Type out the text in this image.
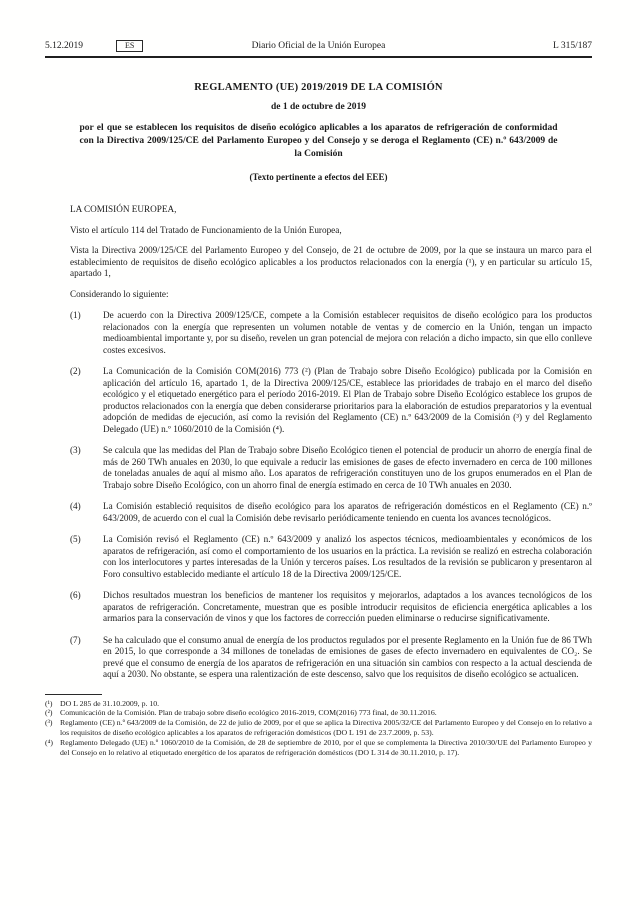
5.12.2019	ES	Diario Oficial de la Unión Europea	L 315/187
REGLAMENTO (UE) 2019/2019 DE LA COMISIÓN
de 1 de octubre de 2019
por el que se establecen los requisitos de diseño ecológico aplicables a los aparatos de refrigeración de conformidad con la Directiva 2009/125/CE del Parlamento Europeo y del Consejo y se deroga el Reglamento (CE) n.º 643/2009 de la Comisión
(Texto pertinente a efectos del EEE)

LA COMISIÓN EUROPEA,

Visto el artículo 114 del Tratado de Funcionamiento de la Unión Europea,

Vista la Directiva 2009/125/CE del Parlamento Europeo y del Consejo, de 21 de octubre de 2009, por la que se instaura un marco para el establecimiento de requisitos de diseño ecológico aplicables a los productos relacionados con la energía (¹), y en particular su artículo 15, apartado 1,

Considerando lo siguiente:

(1)	De acuerdo con la Directiva 2009/125/CE, compete a la Comisión establecer requisitos de diseño ecológico para los productos relacionados con la energía que representen un volumen notable de ventas y de comercio en la Unión, tengan un impacto medioambiental importante y, por su diseño, revelen un gran potencial de mejora con relación a dicho impacto, sin que ello conlleve costes excesivos.
(2)	La Comunicación de la Comisión COM(2016) 773 (²) (Plan de Trabajo sobre Diseño Ecológico) publicada por la Comisión en aplicación del artículo 16, apartado 1, de la Directiva 2009/125/CE, establece las prioridades de trabajo en el marco del diseño ecológico y el etiquetado energético para el período 2016-2019. El Plan de Trabajo sobre Diseño Ecológico establece los grupos de productos relacionados con la energía que deben considerarse prioritarios para la elaboración de estudios preparatorios y la eventual adopción de medidas de ejecución, así como la revisión del Reglamento (CE) n.º 643/2009 de la Comisión (³) y del Reglamento Delegado (UE) n.º 1060/2010 de la Comisión (⁴).
(3)	Se calcula que las medidas del Plan de Trabajo sobre Diseño Ecológico tienen el potencial de producir un ahorro de energía final de más de 260 TWh anuales en 2030, lo que equivale a reducir las emisiones de gases de efecto invernadero en cerca de 100 millones de toneladas anuales de aquí al mismo año. Los aparatos de refrigeración constituyen uno de los grupos enumerados en el Plan de Trabajo sobre Diseño Ecológico, con un ahorro final de energía estimado en cerca de 10 TWh anuales en 2030.
(4)	La Comisión estableció requisitos de diseño ecológico para los aparatos de refrigeración domésticos en el Reglamento (CE) n.º 643/2009, de acuerdo con el cual la Comisión debe revisarlo periódicamente teniendo en cuenta los avances tecnológicos.
(5)	La Comisión revisó el Reglamento (CE) n.º 643/2009 y analizó los aspectos técnicos, medioambientales y económicos de los aparatos de refrigeración, así como el comportamiento de los usuarios en la práctica. La revisión se realizó en estrecha colaboración con los interlocutores y partes interesadas de la Unión y terceros países. Los resultados de la revisión se publicaron y presentaron al Foro consultivo establecido mediante el artículo 18 de la Directiva 2009/125/CE.
(6)	Dichos resultados muestran los beneficios de mantener los requisitos y mejorarlos, adaptados a los avances tecnológicos de los aparatos de refrigeración. Concretamente, muestran que es posible introducir requisitos de eficiencia energética aplicables a los armarios para la conservación de vinos y que los factores de corrección pueden eliminarse o reducirse significativamente.
(7)	Se ha calculado que el consumo anual de energía de los productos regulados por el presente Reglamento en la Unión fue de 86 TWh en 2015, lo que corresponde a 34 millones de toneladas de emisiones de gases de efecto invernadero en equivalentes de CO₂. Se prevé que el consumo de energía de los aparatos de refrigeración en una situación sin cambios con respecto a la actual descienda de aquí a 2030. No obstante, se espera una ralentización de este descenso, salvo que los requisitos de diseño ecológico se actualicen.
(¹) DO L 285 de 31.10.2009, p. 10.
(²) Comunicación de la Comisión. Plan de trabajo sobre diseño ecológico 2016-2019, COM(2016) 773 final, de 30.11.2016.
(³) Reglamento (CE) n.º 643/2009 de la Comisión, de 22 de julio de 2009, por el que se aplica la Directiva 2005/32/CE del Parlamento Europeo y del Consejo en lo relativo a los requisitos de diseño ecológico aplicables a los aparatos de refrigeración domésticos (DO L 191 de 23.7.2009, p. 53).
(⁴) Reglamento Delegado (UE) n.º 1060/2010 de la Comisión, de 28 de septiembre de 2010, por el que se complementa la Directiva 2010/30/UE del Parlamento Europeo y del Consejo en lo relativo al etiquetado energético de los aparatos de refrigeración domésticos (DO L 314 de 30.11.2010, p. 17).
